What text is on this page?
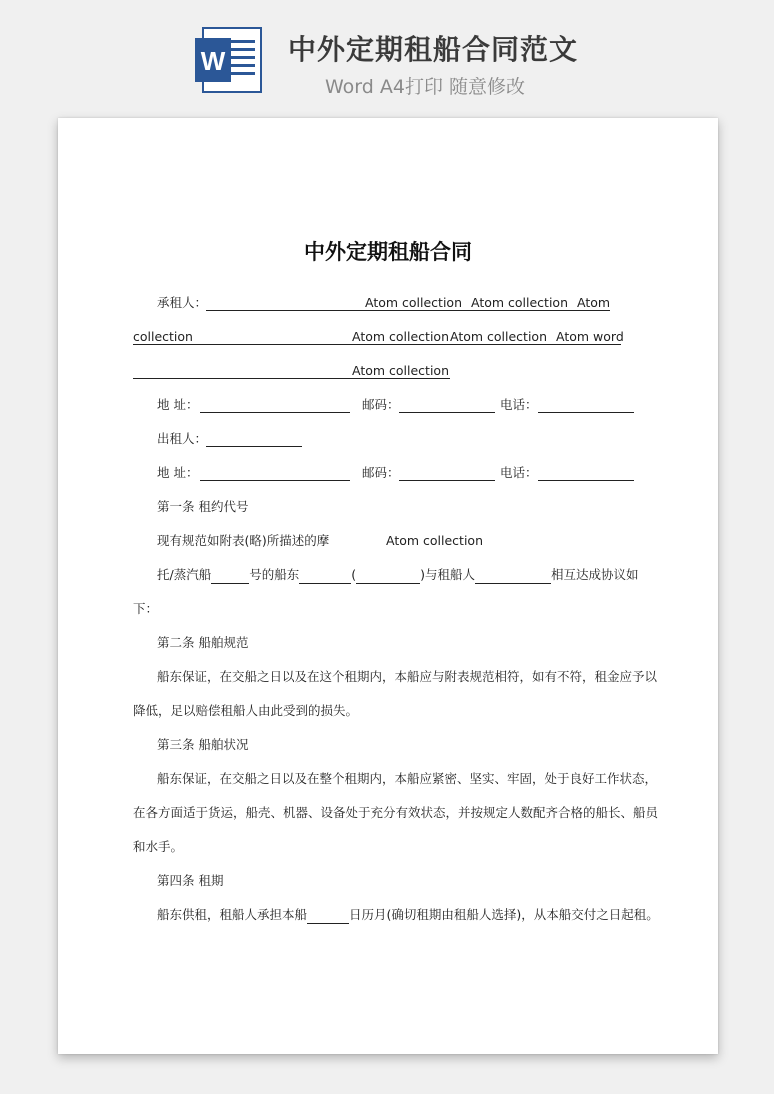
W 中外定期租船合同范文
Word A4打印 随意修改
中外定期租船合同
承租人：	Atom collection Atom collection Atom
collection	Atom collection Atom collection Atom word
Atom collection
地 址：	邮码：	电话：
出租人：
地 址：	邮码：	电话：
第一条 租约代号
现有规范如附表(略)所描述的摩	Atom collection
托/蒸汽船	号的船东	(	)与租船人	相互达成协议如
下：
第二条 船舶规范
船东保证，在交船之日以及在这个租期内，本船应与附表规范相符，如有不符，租金应予以
降低，足以赔偿租船人由此受到的损失。
第三条 船舶状况
船东保证，在交船之日以及在整个租期内，本船应紧密、坚实、牢固，处于良好工作状态，
在各方面适于货运，船壳、机器、设备处于充分有效状态，并按规定人数配齐合格的船长、船员
和水手。
第四条 租期
船东供租，租船人承担本船	日历月(确切租期由租船人选择)，从本船交付之日起租。
